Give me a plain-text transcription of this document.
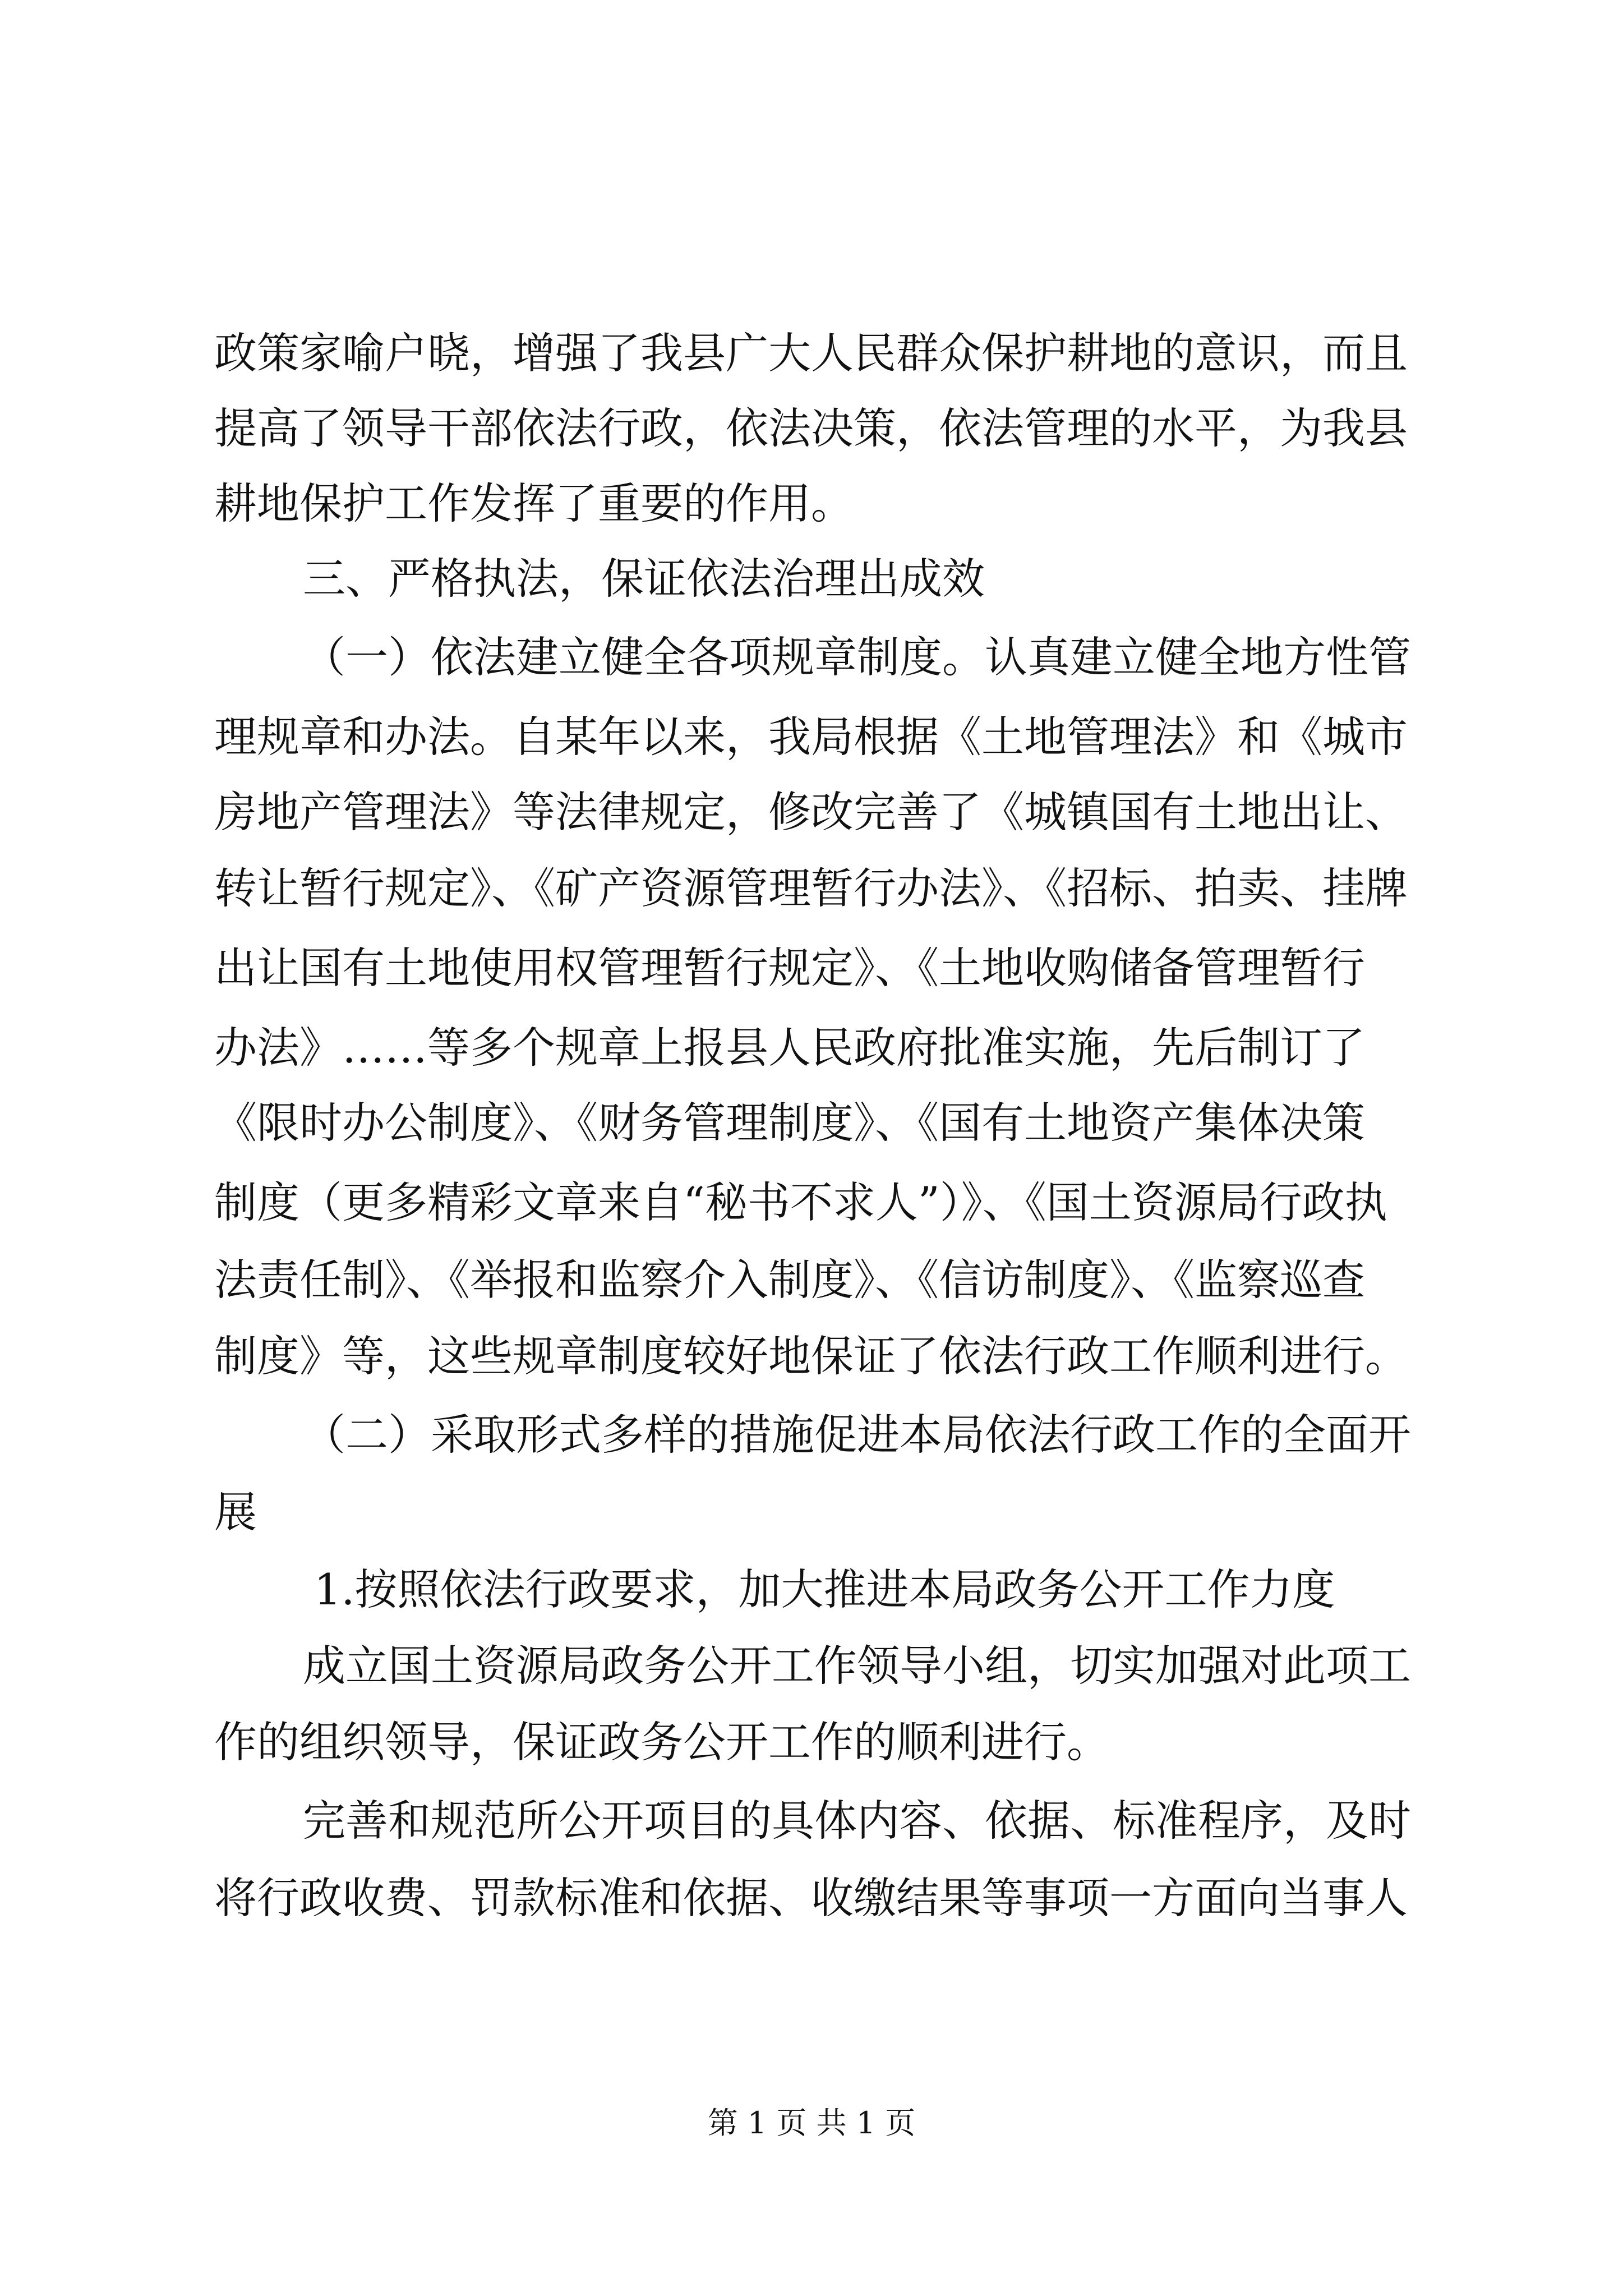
政策家喻户晓，增强了我县广大人民群众保护耕地的意识，而且

提高了领导干部依法行政，依法决策，依法管理的水平，为我县

耕地保护工作发挥了重要的作用。

三、严格执法，保证依法治理出成效

（一）依法建立健全各项规章制度。认真建立健全地方性管

理规章和办法。自某年以来，我局根据《土地管理法》和《城市

房地产管理法》等法律规定，修改完善了《城镇国有土地出让、

转让暂行规定》、《矿产资源管理暂行办法》、《招标、拍卖、挂牌

出让国有土地使用权管理暂行规定》、《土地收购储备管理暂行

办法》……等多个规章上报县人民政府批准实施，先后制订了

《限时办公制度》、《财务管理制度》、《国有土地资产集体决策

制度（更多精彩文章来自“秘书不求人”）》、《国土资源局行政执

法责任制》、《举报和监察介入制度》、《信访制度》、《监察巡查

制度》等，这些规章制度较好地保证了依法行政工作顺利进行。

（二）采取形式多样的措施促进本局依法行政工作的全面开

展

1.按照依法行政要求，加大推进本局政务公开工作力度

成立国土资源局政务公开工作领导小组，切实加强对此项工

作的组织领导，保证政务公开工作的顺利进行。

完善和规范所公开项目的具体内容、依据、标准程序，及时

将行政收费、罚款标准和依据、收缴结果等事项一方面向当事人

第 1 页 共 1 页
